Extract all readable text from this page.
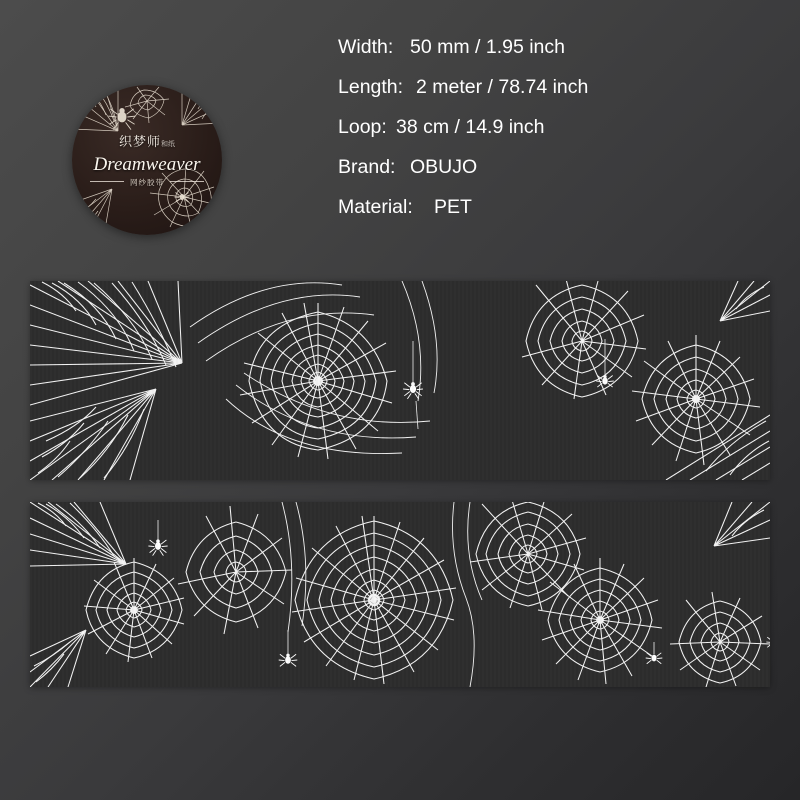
织梦师和纸
Dreamweaver
网纱胶带
Width: 50 mm / 1.95 inch
Length: 2 meter / 78.74 inch
Loop: 38 cm / 14.9 inch
Brand: OBUJO
Material:	PET
